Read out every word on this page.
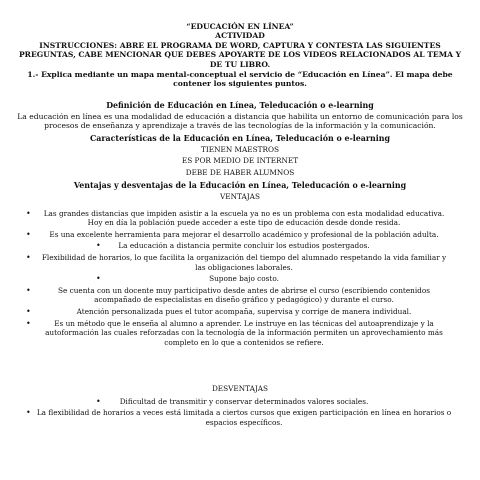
“EDUCACIÓN EN LÍNEA”
ACTIVIDAD
INSTRUCCIONES: ABRE EL PROGRAMA DE WORD, CAPTURA Y CONTESTA LAS SIGUIENTES PREGUNTAS, CABE MENCIONAR QUE DEBES APOYARTE DE LOS VIDEOS RELACIONADOS AL TEMA Y DE TU LIBRO.
1.- Explica mediante un mapa mental-conceptual el servicio de “Educación en Línea”. El mapa debe contener los siguientes puntos.
Definición de Educación en Línea, Teleducación o e-learning
La educación en línea es una modalidad de educación a distancia que habilita un entorno de comunicación para los procesos de enseñanza y aprendizaje a través de las tecnologías de la información y la comunicación.
Características de la Educación en Línea, Teleducación o e-learning
TIENEN MAESTROS
ES POR MEDIO DE INTERNET
DEBE DE HABER ALUMNOS
Ventajas y desventajas de la Educación en Línea, Teleducación o e-learning
VENTAJAS
• Las grandes distancias que impiden asistir a la escuela ya no es un problema con esta modalidad educativa. Hoy en día la población puede acceder a este tipo de educación desde donde resida.
• Es una excelente herramienta para mejorar el desarrollo académico y profesional de la población adulta.
• La educación a distancia permite concluir los estudios postergados.
• Flexibilidad de horarios, lo que facilita la organización del tiempo del alumnado respetando la vida familiar y las obligaciones laborales.
• Supone bajo costo.
• Se cuenta con un docente muy participativo desde antes de abrirse el curso (escribiendo contenidos acompañado de especialistas en diseño gráfico y pedagógico) y durante el curso.
• Atención personalizada pues el tutor acompaña, supervisa y corrige de manera individual.
• Es un método que le enseña al alumno a aprender. Le instruye en las técnicas del autoaprendizaje y la autoformación las cuales reforzadas con la tecnología de la información permiten un aprovechamiento más completo en lo que a contenidos se refiere.
DESVENTAJAS
• Dificultad de transmitir y conservar determinados valores sociales.
• La flexibilidad de horarios a veces está limitada a ciertos cursos que exigen participación en línea en horarios o espacios específicos.
